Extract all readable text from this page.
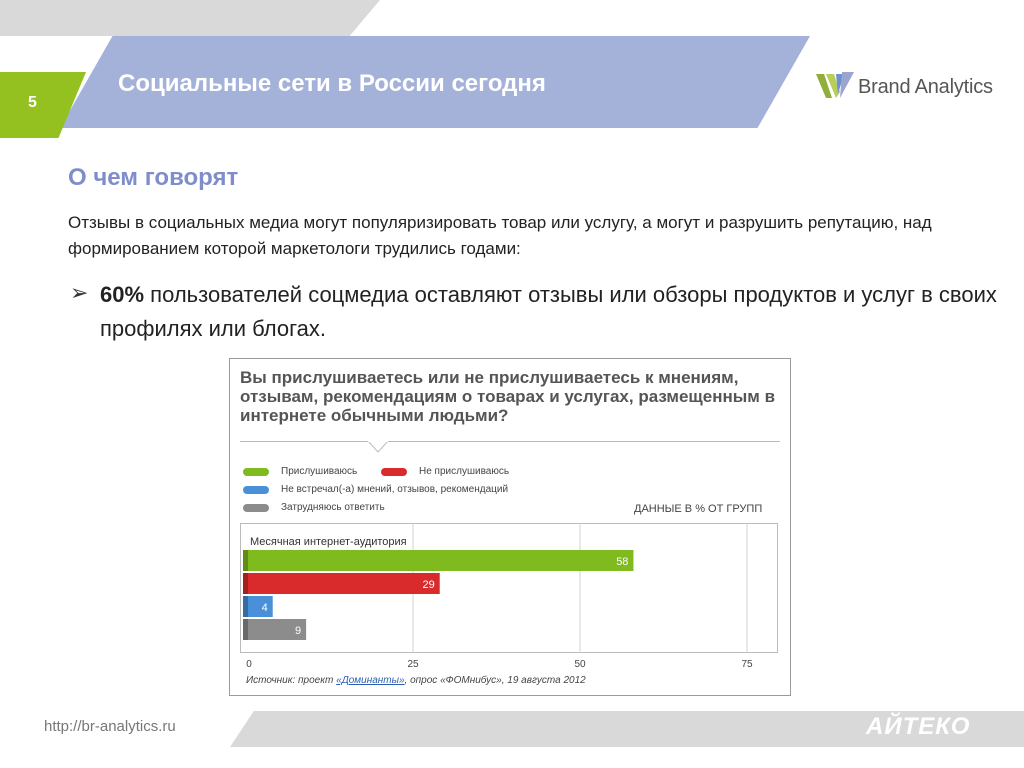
5
Социальные сети в России сегодня	Brand Analytics
О чем говорят
Отзывы в социальных медиа могут популяризировать товар или услугу, а могут и разрушить репутацию, над формированием которой маркетологи трудились годами:
➢ 60% пользователей соцмедиа оставляют отзывы или обзоры продуктов и услуг в своих профилях или блогах.
Вы прислушиваетесь или не прислушиваетесь к мнениям, отзывам, рекомендациям о товарах и услугах, размещенным в интернете обычными людьми?
Прислушиваюсь	Не прислушиваюсь
Не встречал(-а) мнений, отзывов, рекомендаций
Затрудняюсь ответить	ДАННЫЕ В % ОТ ГРУПП
Месячная интернет-аудитория
0	25	50	75
58
29
4
9
Источник: проект «Доминанты», опрос «ФОМнибус», 19 августа 2012
http://br-analytics.ru	АЙТЕКО
